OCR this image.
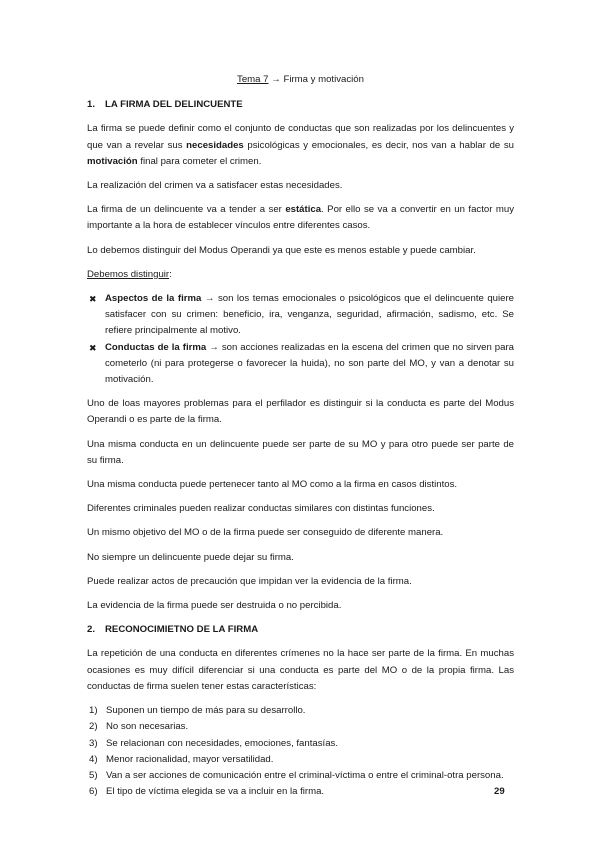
Tema 7 → Firma y motivación
1. LA FIRMA DEL DELINCUENTE

La firma se puede definir como el conjunto de conductas que son realizadas por los delincuentes y que van a revelar sus necesidades psicológicas y emocionales, es decir, nos van a hablar de su motivación final para cometer el crimen.

La realización del crimen va a satisfacer estas necesidades.

La firma de un delincuente va a tender a ser estática. Por ello se va a convertir en un factor muy importante a la hora de establecer vínculos entre diferentes casos.

Lo debemos distinguir del Modus Operandi ya que este es menos estable y puede cambiar.

Debemos distinguir:

✖ Aspectos de la firma → son los temas emocionales o psicológicos que el delincuente quiere satisfacer con su crimen: beneficio, ira, venganza, seguridad, afirmación, sadismo, etc. Se refiere principalmente al motivo.
✖ Conductas de la firma → son acciones realizadas en la escena del crimen que no sirven para cometerlo (ni para protegerse o favorecer la huida), no son parte del MO, y van a denotar su motivación.

Uno de loas mayores problemas para el perfilador es distinguir si la conducta es parte del Modus Operandi o es parte de la firma.

Una misma conducta en un delincuente puede ser parte de su MO y para otro puede ser parte de su firma.

Una misma conducta puede pertenecer tanto al MO como a la firma en casos distintos.

Diferentes criminales pueden realizar conductas similares con distintas funciones.

Un mismo objetivo del MO o de la firma puede ser conseguido de diferente manera.

No siempre un delincuente puede dejar su firma.

Puede realizar actos de precaución que impidan ver la evidencia de la firma.

La evidencia de la firma puede ser destruida o no percibida.

2. RECONOCIMIETNO DE LA FIRMA

La repetición de una conducta en diferentes crímenes no la hace ser parte de la firma. En muchas ocasiones es muy difícil diferenciar si una conducta es parte del MO o de la propia firma. Las conductas de firma suelen tener estas características:

1) Suponen un tiempo de más para su desarrollo.
2) No son necesarias.
3) Se relacionan con necesidades, emociones, fantasías.
4) Menor racionalidad, mayor versatilidad.
5) Van a ser acciones de comunicación entre el criminal-víctima o entre el criminal-otra persona.
6) El tipo de víctima elegida se va a incluir en la firma.	29
